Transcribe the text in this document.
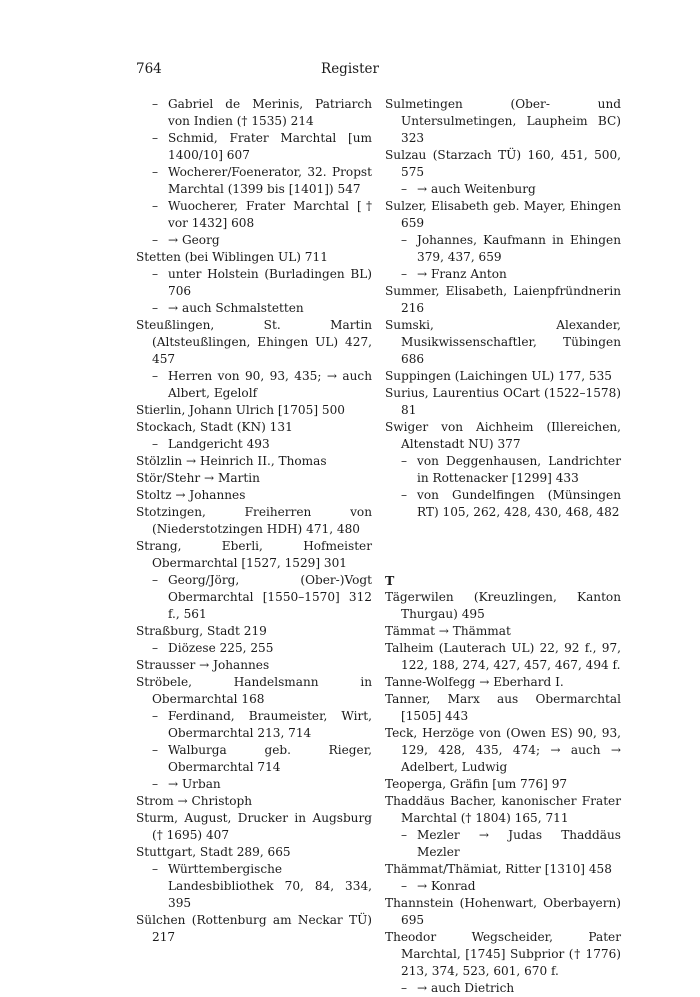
764	Register
– Gabriel de Merinis, Patriarch von Indien († 1535) 214
– Schmid, Frater Marchtal [um 1400/10] 607
– Wocherer/Foenerator, 32. Propst Marchtal (1399 bis [1401]) 547
– Wuocherer, Frater Marchtal [† vor 1432] 608
– → Georg
Stetten (bei Wiblingen UL) 711
– unter Holstein (Burladingen BL) 706
– → auch Schmalstetten
Steußlingen, St. Martin (Altsteußlingen, Ehingen UL) 427, 457
– Herren von 90, 93, 435; → auch Albert, Egelolf
Stierlin, Johann Ulrich [1705] 500
Stockach, Stadt (KN) 131
– Landgericht 493
Stölzlin → Heinrich II., Thomas
Stör/Stehr → Martin
Stoltz → Johannes
Stotzingen, Freiherren von (Niederstotzingen HDH) 471, 480
Strang, Eberli, Hofmeister Obermarchtal [1527, 1529] 301
– Georg/Jörg, (Ober-)Vogt Obermarchtal [1550–1570] 312 f., 561
Straßburg, Stadt 219
– Diözese 225, 255
Strausser → Johannes
Ströbele, Handelsmann in Obermarchtal 168
– Ferdinand, Braumeister, Wirt, Obermarchtal 213, 714
– Walburga geb. Rieger, Obermarchtal 714
– → Urban
Strom → Christoph
Sturm, August, Drucker in Augsburg († 1695) 407
Stuttgart, Stadt 289, 665
– Württembergische Landesbibliothek 70, 84, 334, 395
Sülchen (Rottenburg am Neckar TÜ) 217
Sulmetingen (Ober- und Untersulmetingen, Laupheim BC) 323
Sulzau (Starzach TÜ) 160, 451, 500, 575
– → auch Weitenburg
Sulzer, Elisabeth geb. Mayer, Ehingen 659
– Johannes, Kaufmann in Ehingen 379, 437, 659
– → Franz Anton
Summer, Elisabeth, Laienpfründnerin 216
Sumski, Alexander, Musikwissenschaftler, Tübingen 686
Suppingen (Laichingen UL) 177, 535
Surius, Laurentius OCart (1522–1578) 81
Swiger von Aichheim (Illereichen, Altenstadt NU) 377
– von Deggenhausen, Landrichter in Rottenacker [1299] 433
– von Gundelfingen (Münsingen RT) 105, 262, 428, 430, 468, 482
T
Tägerwilen (Kreuzlingen, Kanton Thurgau) 495
Tämmat → Thämmat
Talheim (Lauterach UL) 22, 92 f., 97, 122, 188, 274, 427, 457, 467, 494 f.
Tanne-Wolfegg → Eberhard I.
Tanner, Marx aus Obermarchtal [1505] 443
Teck, Herzöge von (Owen ES) 90, 93, 129, 428, 435, 474; → auch → Adelbert, Ludwig
Teoperga, Gräfin [um 776] 97
Thaddäus Bacher, kanonischer Frater Marchtal († 1804) 165, 711
– Mezler → Judas Thaddäus Mezler
Thämmat/Thämiat, Ritter [1310] 458
– → Konrad
Thannstein (Hohenwart, Oberbayern) 695
Theodor Wegscheider, Pater Marchtal, [1745] Subprior († 1776) 213, 374, 523, 601, 670 f.
– → auch Dietrich
